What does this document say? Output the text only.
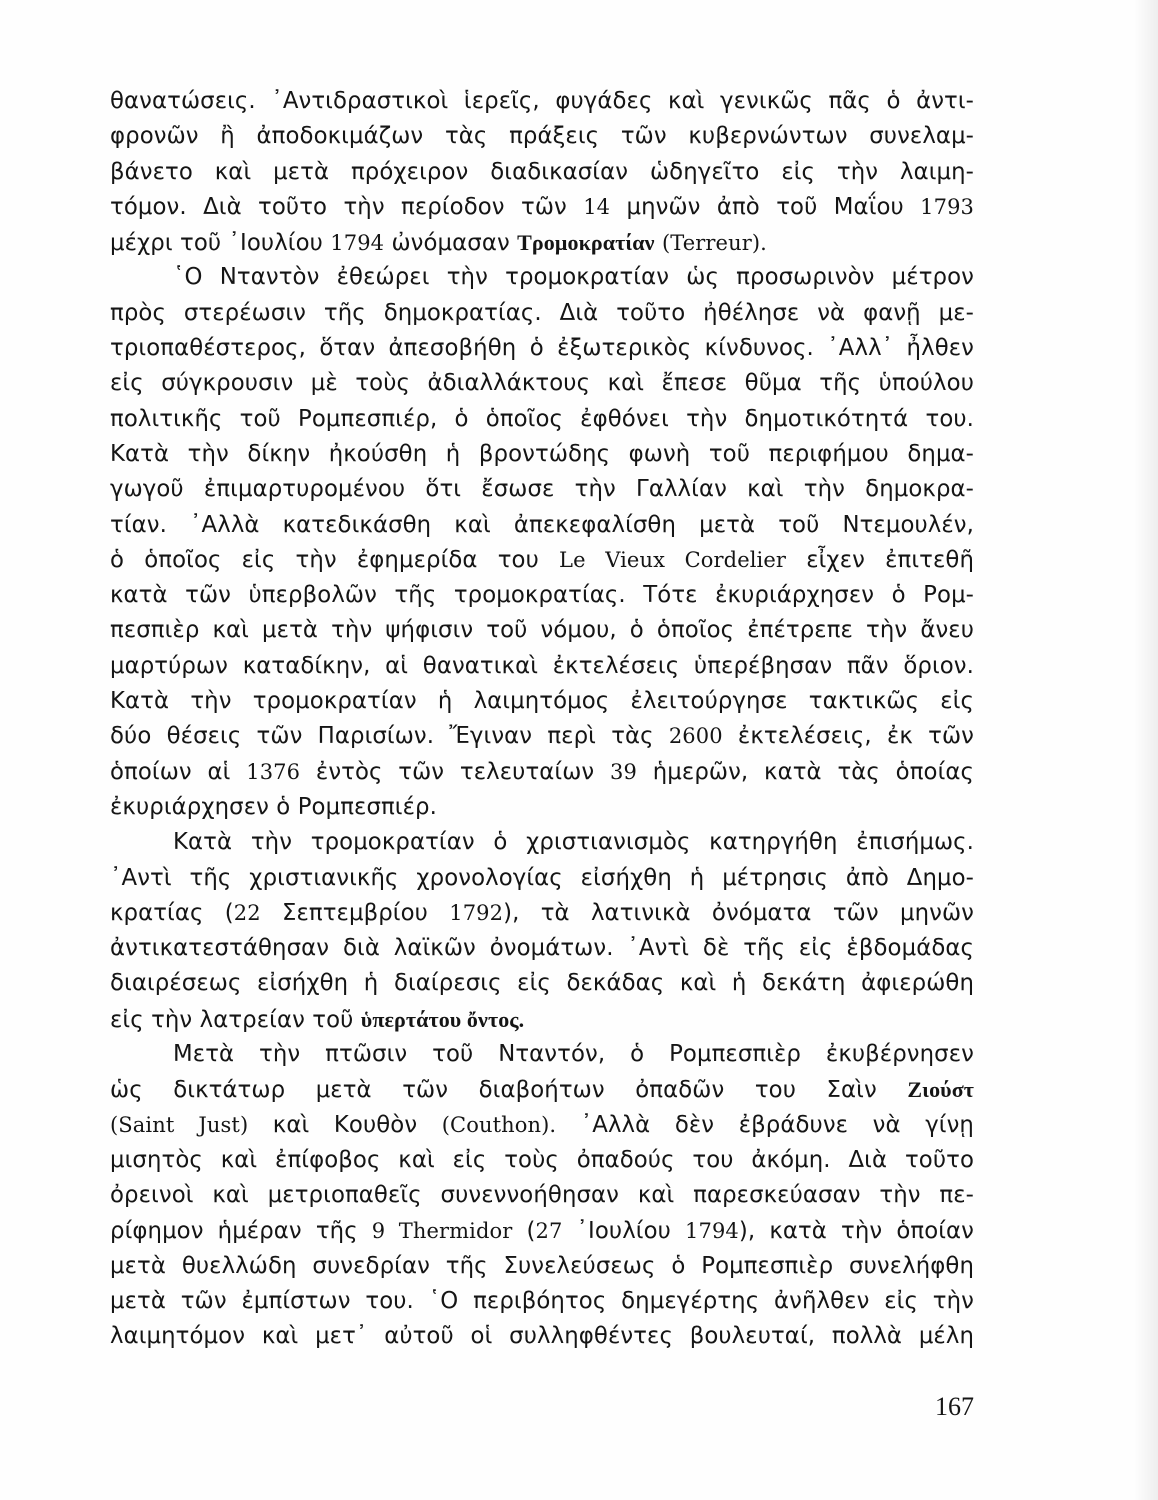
θανατώσεις. ᾿Αντιδραστικοὶ ἱερεῖς, φυγάδες καὶ γενικῶς πᾶς ὁ ἀντι-
φρονῶν ἢ ἀποδοκιμάζων τὰς πράξεις τῶν κυβερνώντων συνελαμ-
βάνετο καὶ μετὰ πρόχειρον διαδικασίαν ὡδηγεῖτο εἰς τὴν λαιμη-
τόμον. Διὰ τοῦτο τὴν περίοδον τῶν 14 μηνῶν ἀπὸ τοῦ Μαΐου 1793
μέχρι τοῦ ᾿Ιουλίου 1794 ὠνόμασαν Τρομοκρατίαν (Terreur).
῾Ο Νταντὸν ἐθεώρει τὴν τρομοκρατίαν ὡς προσωρινὸν μέτρον
πρὸς στερέωσιν τῆς δημοκρατίας. Διὰ τοῦτο ἠθέλησε νὰ φανῇ με-
τριοπαθέστερος, ὅταν ἀπεσοβήθη ὁ ἐξωτερικὸς κίνδυνος. ᾿Αλλ᾿ ἦλθεν
εἰς σύγκρουσιν μὲ τοὺς ἀδιαλλάκτους καὶ ἔπεσε θῦμα τῆς ὑπούλου
πολιτικῆς τοῦ Ρομπεσπιέρ, ὁ ὁποῖος ἐφθόνει τὴν δημοτικότητά του.
Κατὰ τὴν δίκην ἠκούσθη ἡ βροντώδης φωνὴ τοῦ περιφήμου δημα-
γωγοῦ ἐπιμαρτυρομένου ὅτι ἔσωσε τὴν Γαλλίαν καὶ τὴν δημοκρα-
τίαν. ᾿Αλλὰ κατεδικάσθη καὶ ἀπεκεφαλίσθη μετὰ τοῦ Ντεμουλέν,
ὁ ὁποῖος εἰς τὴν ἐφημερίδα του Le Vieux Cordelier εἶχεν ἐπιτεθῆ
κατὰ τῶν ὑπερβολῶν τῆς τρομοκρατίας. Τότε ἐκυριάρχησεν ὁ Ρομ-
πεσπιὲρ καὶ μετὰ τὴν ψήφισιν τοῦ νόμου, ὁ ὁποῖος ἐπέτρεπε τὴν ἄνευ
μαρτύρων καταδίκην, αἱ θανατικαὶ ἐκτελέσεις ὑπερέβησαν πᾶν ὅριον.
Κατὰ τὴν τρομοκρατίαν ἡ λαιμητόμος ἐλειτούργησε τακτικῶς εἰς
δύο θέσεις τῶν Παρισίων. Ἔγιναν περὶ τὰς 2600 ἐκτελέσεις, ἐκ τῶν
ὁποίων αἱ 1376 ἐντὸς τῶν τελευταίων 39 ἡμερῶν, κατὰ τὰς ὁποίας
ἐκυριάρχησεν ὁ Ρομπεσπιέρ.
Κατὰ τὴν τρομοκρατίαν ὁ χριστιανισμὸς κατηργήθη ἐπισήμως.
᾿Αντὶ τῆς χριστιανικῆς χρονολογίας εἰσήχθη ἡ μέτρησις ἀπὸ Δημο-
κρατίας (22 Σεπτεμβρίου 1792), τὰ λατινικὰ ὀνόματα τῶν μηνῶν
ἀντικατεστάθησαν διὰ λαϊκῶν ὀνομάτων. ᾿Αντὶ δὲ τῆς εἰς ἑβδομάδας
διαιρέσεως εἰσήχθη ἡ διαίρεσις εἰς δεκάδας καὶ ἡ δεκάτη ἀφιερώθη
εἰς τὴν λατρείαν τοῦ ὑπερτάτου ὄντος.
Μετὰ τὴν πτῶσιν τοῦ Νταντόν, ὁ Ρομπεσπιὲρ ἐκυβέρνησεν
ὡς δικτάτωρ μετὰ τῶν διαβοήτων ὀπαδῶν του Σαὶν Ζιούστ
(Saint Just) καὶ Κουθὸν (Couthon). ᾿Αλλὰ δὲν ἐβράδυνε νὰ γίνῃ
μισητὸς καὶ ἐπίφοβος καὶ εἰς τοὺς ὀπαδούς του ἀκόμη. Διὰ τοῦτο
ὀρεινοὶ καὶ μετριοπαθεῖς συνεννοήθησαν καὶ παρεσκεύασαν τὴν πε-
ρίφημον ἡμέραν τῆς 9 Thermidor (27 ᾿Ιουλίου 1794), κατὰ τὴν ὁποίαν
μετὰ θυελλώδη συνεδρίαν τῆς Συνελεύσεως ὁ Ρομπεσπιὲρ συνελήφθη
μετὰ τῶν ἐμπίστων του. ῾Ο περιβόητος δημεγέρτης ἀνῆλθεν εἰς τὴν
λαιμητόμον καὶ μετ᾿ αὐτοῦ οἱ συλληφθέντες βουλευταί, πολλὰ μέλη
167
